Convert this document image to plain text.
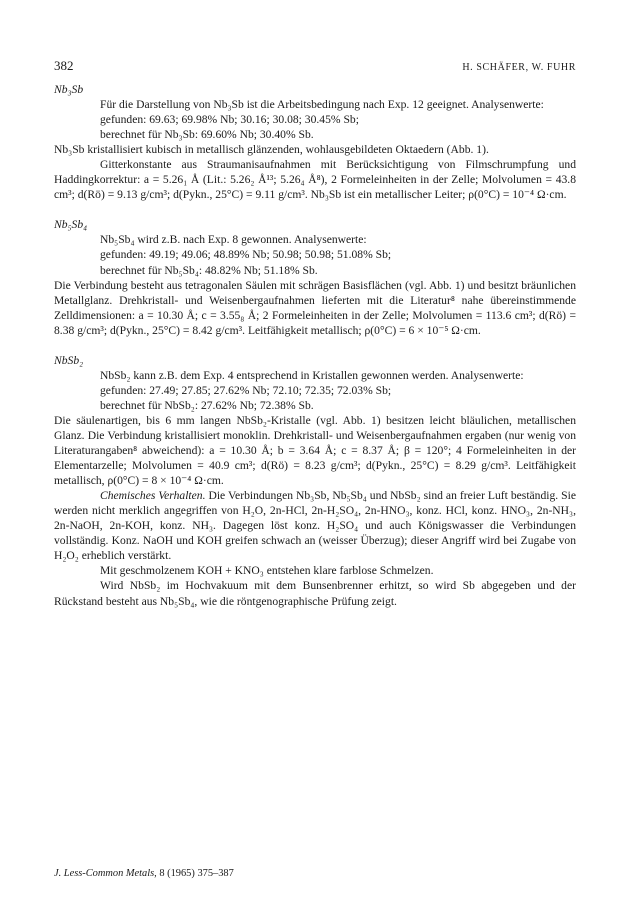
382	H. SCHÄFER, W. FUHR

Nb₃Sb

Für die Darstellung von Nb₃Sb ist die Arbeitsbedingung nach Exp. 12 geeignet. Analysenwerte:

gefunden: 69.63; 69.98% Nb; 30.16; 30.08; 30.45% Sb;

berechnet für Nb₃Sb: 69.60% Nb; 30.40% Sb.

Nb₃Sb kristallisiert kubisch in metallisch glänzenden, wohlausgebildeten Oktaedern (Abb. 1).

Gitterkonstante aus Straumanisaufnahmen mit Berücksichtigung von Filmschrumpfung und Haddingkorrektur: a = 5.26₁ Å (Lit.: 5.26₂ Å¹³; 5.26₄ Å⁸), 2 Formeleinheiten in der Zelle; Molvolumen = 43.8 cm³; d(Rö) = 9.13 g/cm³; d(Pykn., 25°C) = 9.11 g/cm³. Nb₃Sb ist ein metallischer Leiter; ρ(0°C) = 10⁻⁴ Ω·cm.

Nb₅Sb₄

Nb₅Sb₄ wird z.B. nach Exp. 8 gewonnen. Analysenwerte:

gefunden: 49.19; 49.06; 48.89% Nb; 50.98; 50.98; 51.08% Sb;

berechnet für Nb₅Sb₄: 48.82% Nb; 51.18% Sb.

Die Verbindung besteht aus tetragonalen Säulen mit schrägen Basisflächen (vgl. Abb. 1) und besitzt bräunlichen Metallglanz. Drehkristall- und Weisenbergaufnahmen lieferten mit die Literatur⁸ nahe übereinstimmende Zelldimensionen: a = 10.30 Å; c = 3.55₈ Å; 2 Formeleinheiten in der Zelle; Molvolumen = 113.6 cm³; d(Rö) = 8.38 g/cm³; d(Pykn., 25°C) = 8.42 g/cm³. Leitfähigkeit metallisch; ρ(0°C) = 6 × 10⁻⁵ Ω·cm.

NbSb₂

NbSb₂ kann z.B. dem Exp. 4 entsprechend in Kristallen gewonnen werden. Analysenwerte:

gefunden: 27.49; 27.85; 27.62% Nb; 72.10; 72.35; 72.03% Sb;

berechnet für NbSb₂: 27.62% Nb; 72.38% Sb.

Die säulenartigen, bis 6 mm langen NbSb₂-Kristalle (vgl. Abb. 1) besitzen leicht bläulichen, metallischen Glanz. Die Verbindung kristallisiert monoklin. Drehkristall- und Weisenbergaufnahmen ergaben (nur wenig von Literaturangaben⁸ abweichend): a = 10.30 Å; b = 3.64 Å; c = 8.37 Å; β = 120°; 4 Formeleinheiten in der Elementarzelle; Molvolumen = 40.9 cm³; d(Rö) = 8.23 g/cm³; d(Pykn., 25°C) = 8.29 g/cm³. Leitfähigkeit metallisch, ρ(0°C) = 8 × 10⁻⁴ Ω·cm.

Chemisches Verhalten. Die Verbindungen Nb₃Sb, Nb₅Sb₄ und NbSb₂ sind an freier Luft beständig. Sie werden nicht merklich angegriffen von H₂O, 2n-HCl, 2n-H₂SO₄, 2n-HNO₃, konz. HCl, konz. HNO₃, 2n-NH₃, 2n-NaOH, 2n-KOH, konz. NH₃. Dagegen löst konz. H₂SO₄ und auch Königswasser die Verbindungen vollständig. Konz. NaOH und KOH greifen schwach an (weisser Überzug); dieser Angriff wird bei Zugabe von H₂O₂ erheblich verstärkt.

Mit geschmolzenem KOH + KNO₃ entstehen klare farblose Schmelzen.

Wird NbSb₂ im Hochvakuum mit dem Bunsenbrenner erhitzt, so wird Sb abgegeben und der Rückstand besteht aus Nb₅Sb₄, wie die röntgenographische Prüfung zeigt.

J. Less-Common Metals, 8 (1965) 375–387
